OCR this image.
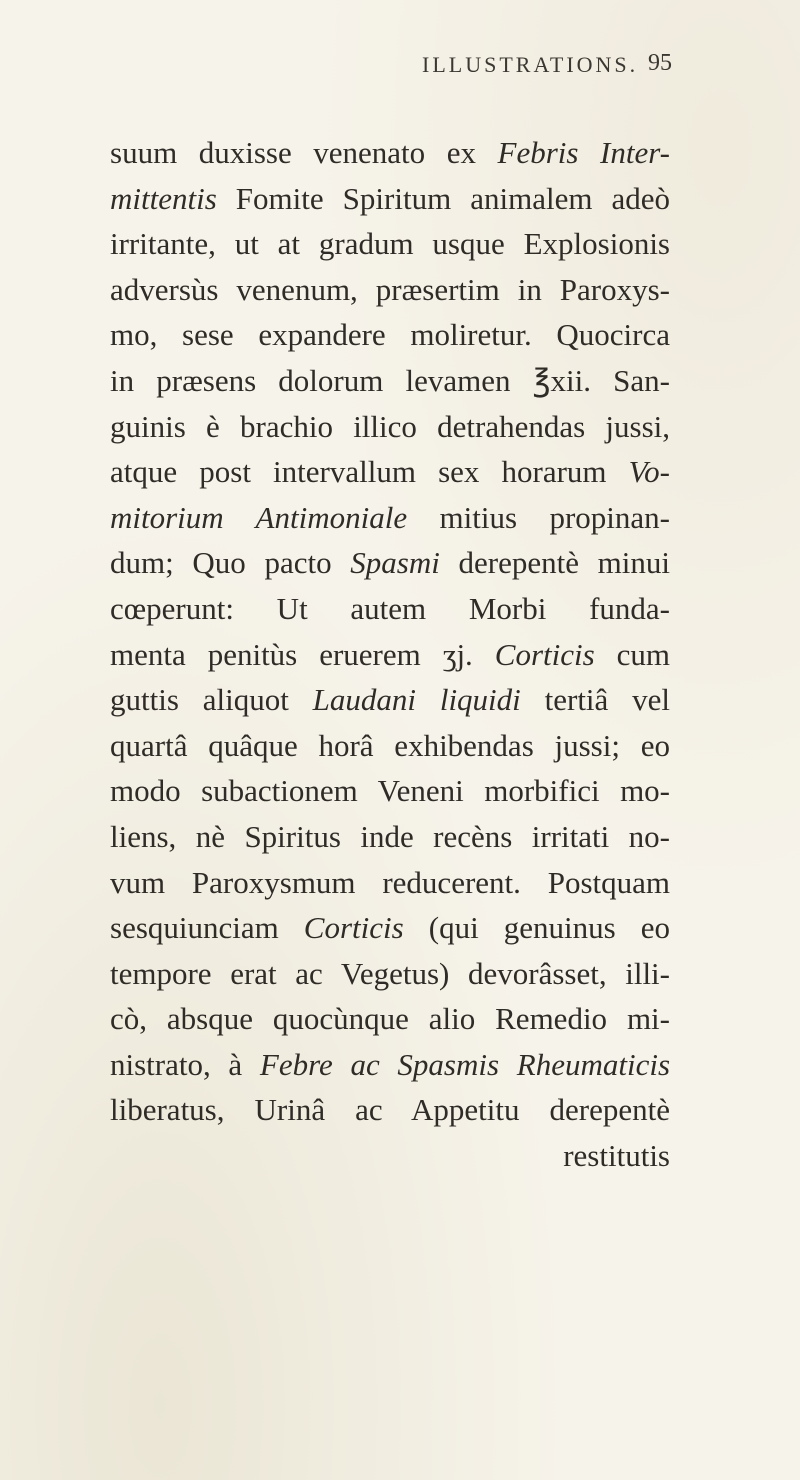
ILLUSTRATIONS. 95
suum duxisse venenato ex Febris Inter-
mittentis Fomite Spiritum animalem adeò
irritante, ut at gradum usque Explosionis
adversùs venenum, præsertim in Paroxys-
mo, sese expandere moliretur. Quocirca
in præsens dolorum levamen ℥xii. San-
guinis è brachio illico detrahendas jussi,
atque post intervallum sex horarum Vo-
mitorium Antimoniale mitius propinan-
dum; Quo pacto Spasmi derepentè minui
cœperunt: Ut autem Morbi funda-
menta penitùs eruerem ʒj. Corticis cum
guttis aliquot Laudani liquidi tertiâ vel
quartâ quâque horâ exhibendas jussi; eo
modo subactionem Veneni morbifici mo-
liens, nè Spiritus inde recèns irritati no-
vum Paroxysmum reducerent. Postquam
sesquiunciam Corticis (qui genuinus eo
tempore erat ac Vegetus) devorâsset, illi-
cò, absque quocùnque alio Remedio mi-
nistrato, à Febre ac Spasmis Rheumaticis
liberatus, Urinâ ac Appetitu derepentè
restitutis
